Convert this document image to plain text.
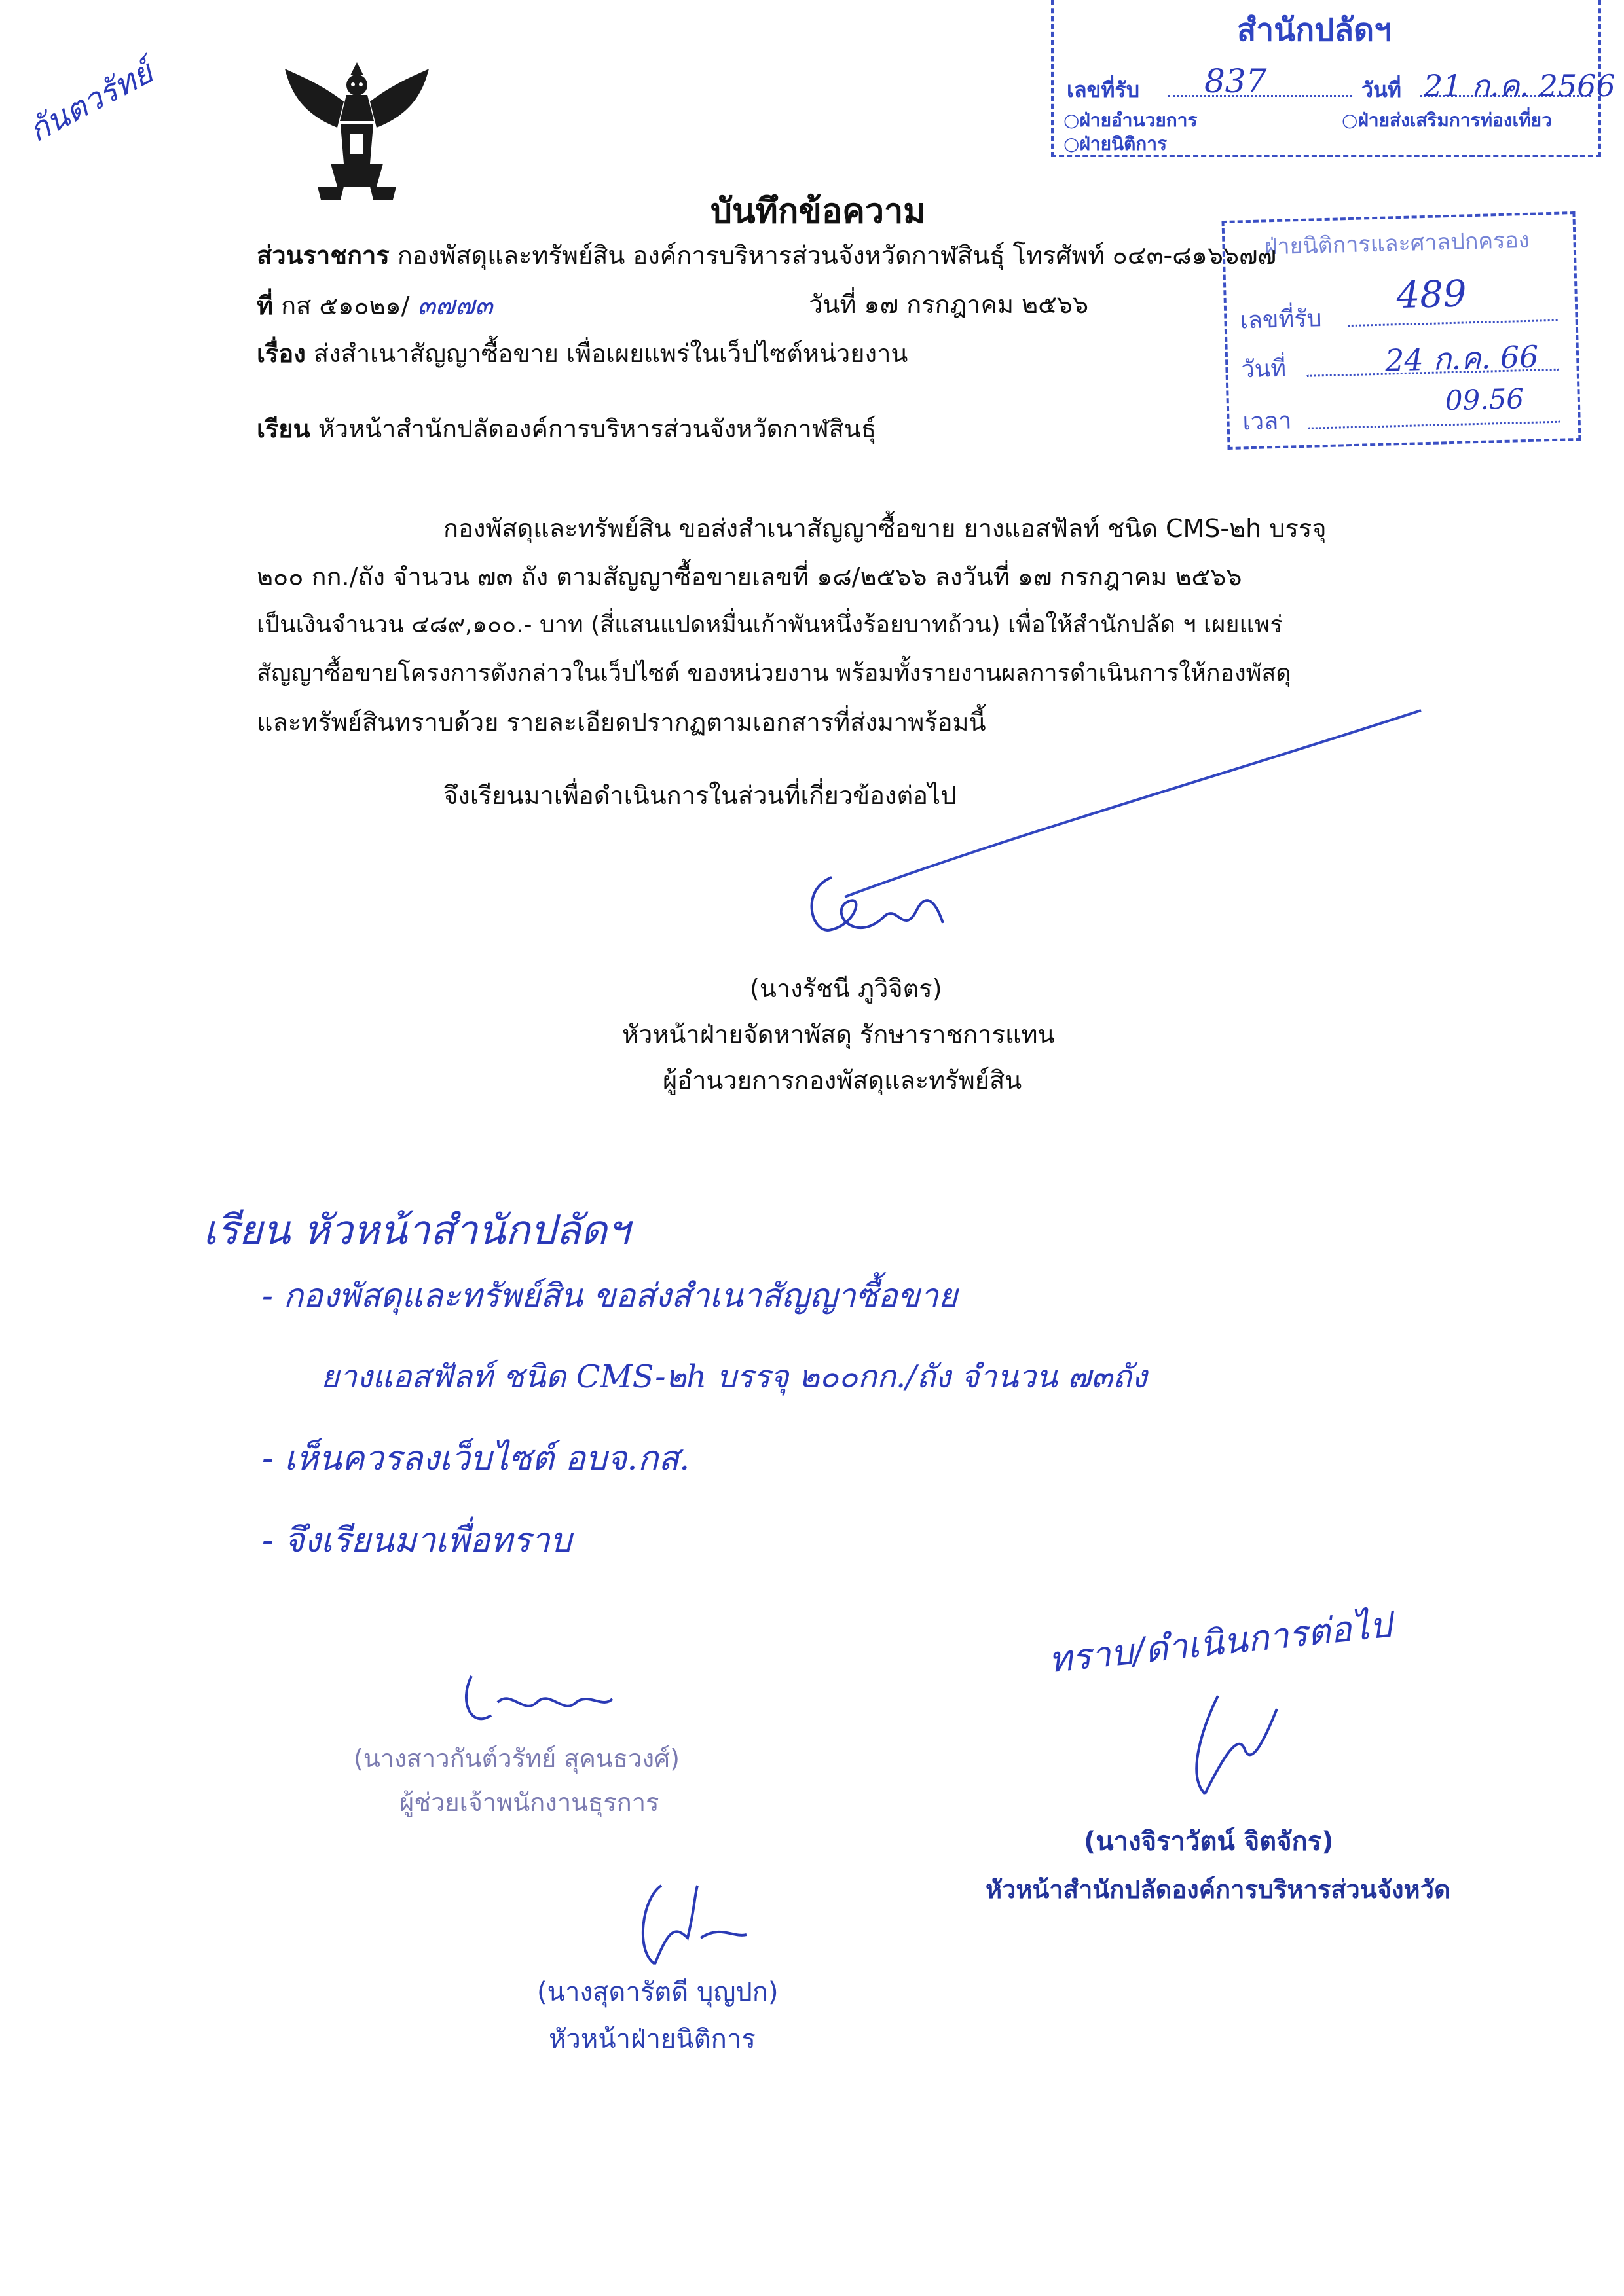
กันตวรัทย์
สำนักปลัดฯ
เลขที่รับ 837	วันที่ 21 ก.ค. 2566
○ฝ่ายอำนวยการ	○ฝ่ายส่งเสริมการท่องเที่ยว
○ฝ่ายนิติการ
ฝ่ายนิติการและศาลปกครอง
เลขที่รับ
489
วันที่	24 ก.ค. 66
เวลา
09.56
บันทึกข้อความ
ส่วนราชการ กองพัสดุและทรัพย์สิน องค์การบริหารส่วนจังหวัดกาฬสินธุ์ โทรศัพท์ ๐๔๓-๘๑๖๖๗๗
ที่ กส ๕๑๐๒๑/ ๓๗๗๓	วันที่ ๑๗ กรกฎาคม ๒๕๖๖
เรื่อง ส่งสำเนาสัญญาซื้อขาย เพื่อเผยแพร่ในเว็ปไซต์หน่วยงาน
เรียน หัวหน้าสำนักปลัดองค์การบริหารส่วนจังหวัดกาฬสินธุ์
กองพัสดุและทรัพย์สิน ขอส่งสำเนาสัญญาซื้อขาย ยางแอสฟัลท์ ชนิด CMS-๒h บรรจุ
๒๐๐ กก./ถัง จำนวน ๗๓ ถัง ตามสัญญาซื้อขายเลขที่ ๑๘/๒๕๖๖ ลงวันที่ ๑๗ กรกฎาคม ๒๕๖๖
เป็นเงินจำนวน ๔๘๙,๑๐๐.- บาท (สี่แสนแปดหมื่นเก้าพันหนึ่งร้อยบาทถ้วน) เพื่อให้สำนักปลัด ฯ เผยแพร่
สัญญาซื้อขายโครงการดังกล่าวในเว็ปไซต์ ของหน่วยงาน พร้อมทั้งรายงานผลการดำเนินการให้กองพัสดุ
และทรัพย์สินทราบด้วย รายละเอียดปรากฏตามเอกสารที่ส่งมาพร้อมนี้
จึงเรียนมาเพื่อดำเนินการในส่วนที่เกี่ยวข้องต่อไป
(นางรัชนี ภูวิจิตร)
หัวหน้าฝ่ายจัดหาพัสดุ รักษาราชการแทน
ผู้อำนวยการกองพัสดุและทรัพย์สิน
เรียน หัวหน้าสำนักปลัดฯ
- กองพัสดุและทรัพย์สิน ขอส่งสำเนาสัญญาซื้อขาย
ยางแอสฟัลท์ ชนิด CMS-๒h บรรจุ ๒๐๐กก./ถัง จำนวน ๗๓ถัง
- เห็นควรลงเว็บไซต์ อบจ.กส.
- จึงเรียนมาเพื่อทราบ
(นางสาวกันต์วรัทย์ สุคนธวงศ์)
ผู้ช่วยเจ้าพนักงานธุรการ
ทราบ/ดำเนินการต่อไป
(นางจิราวัตน์ จิตจักร)
หัวหน้าสำนักปลัดองค์การบริหารส่วนจังหวัด
(นางสุดารัตดี บุญปก)
หัวหน้าฝ่ายนิติการ
